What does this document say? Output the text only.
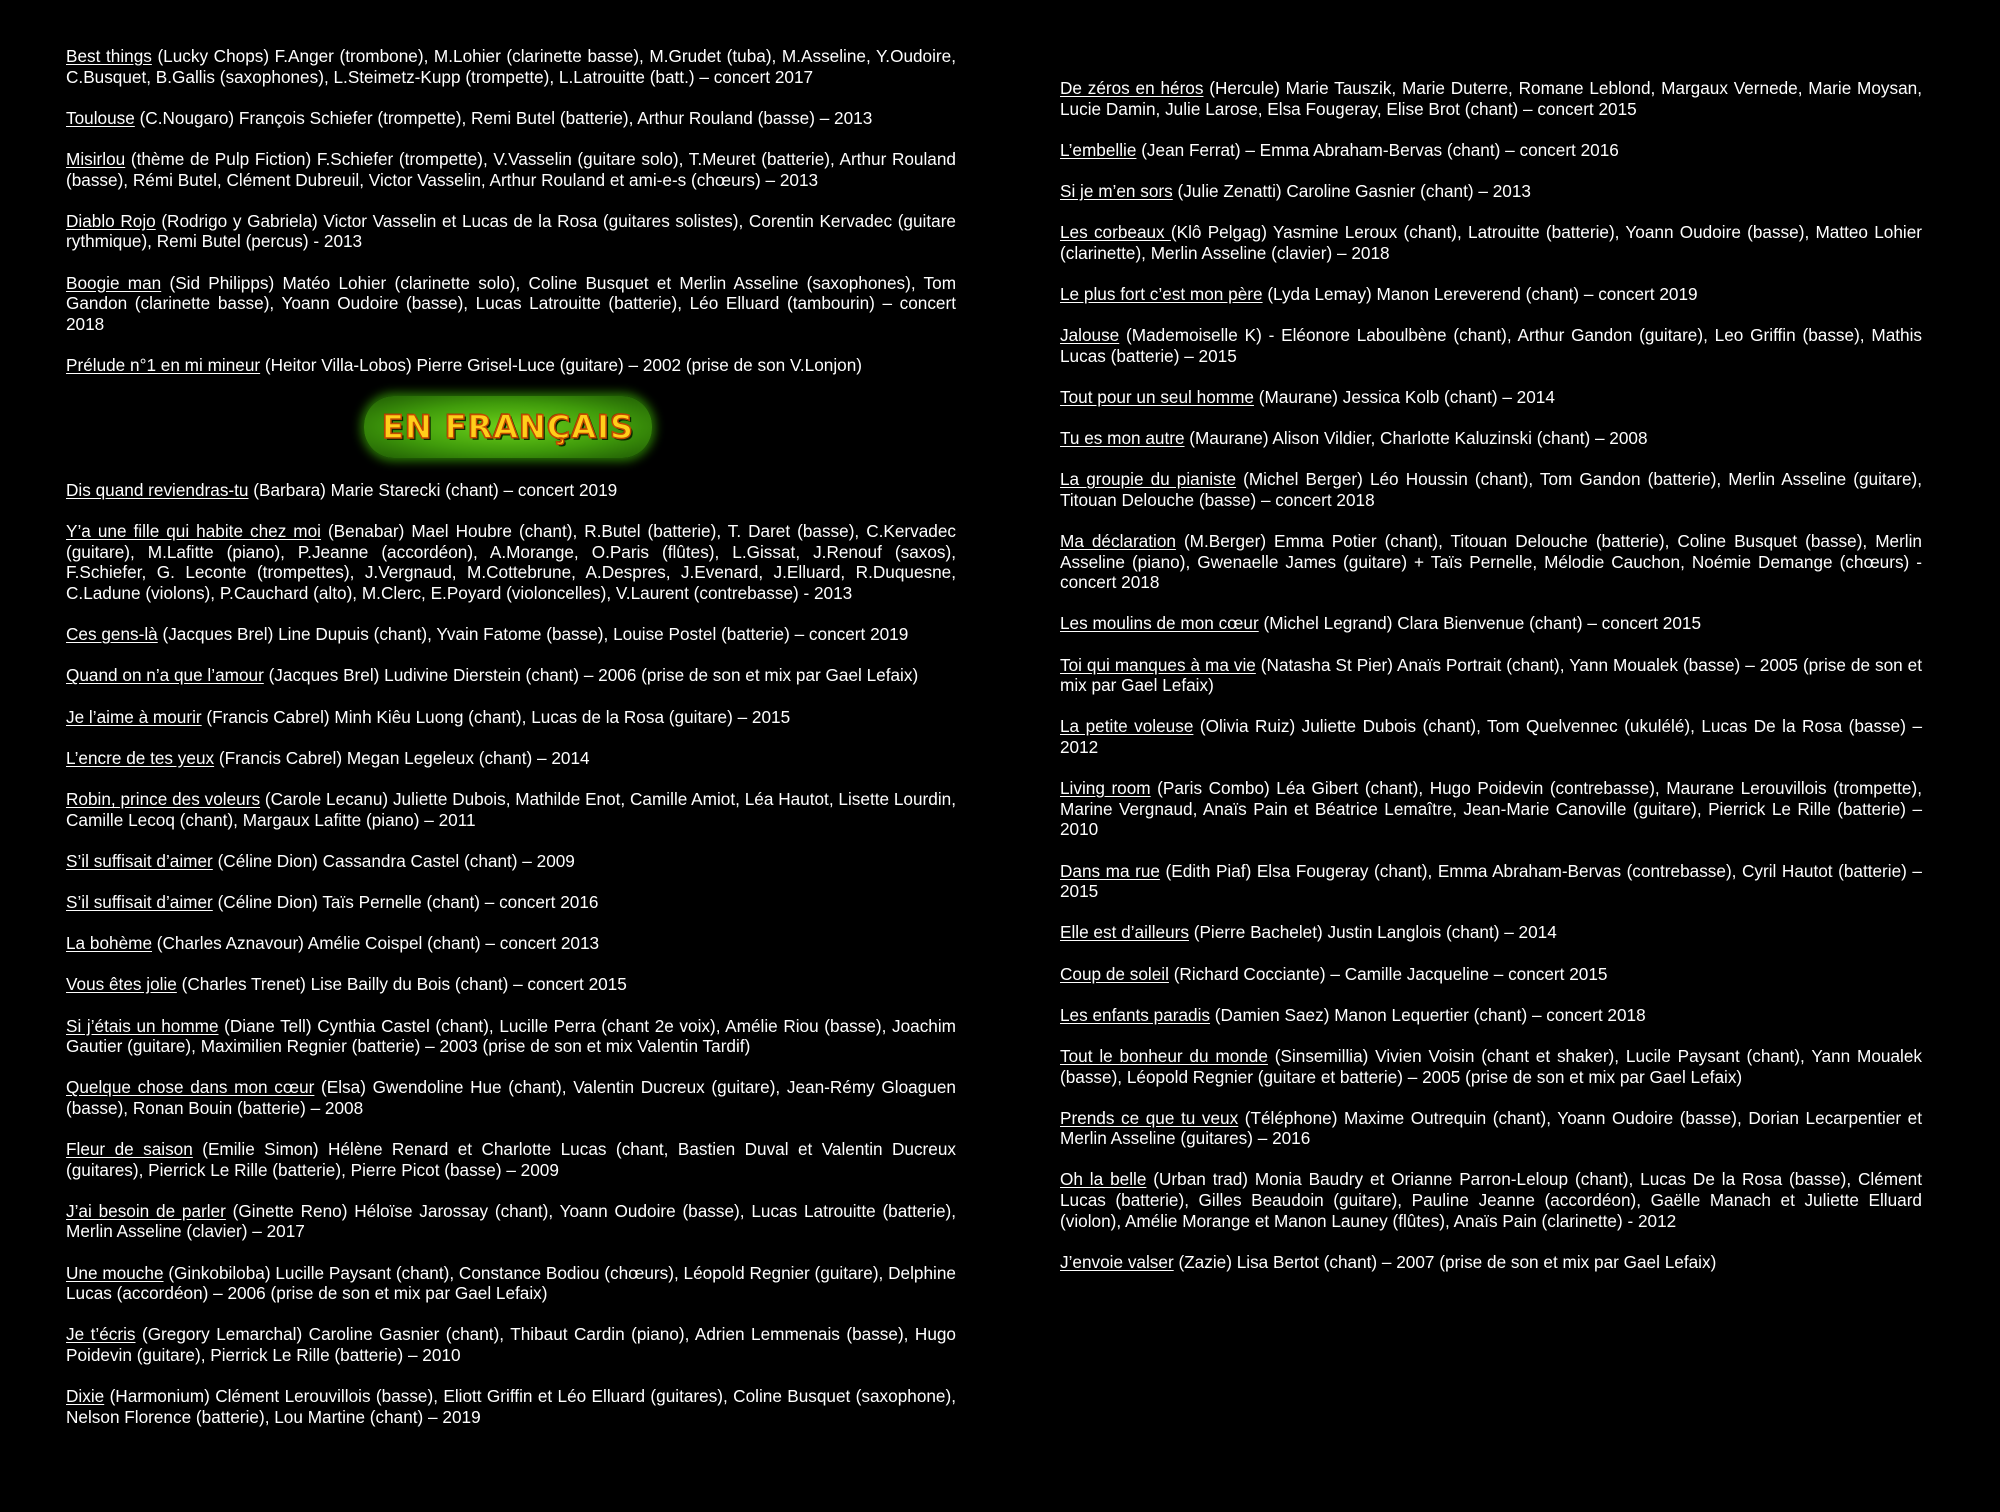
Best things (Lucky Chops) F.Anger (trombone), M.Lohier (clarinette basse), M.Grudet (tuba), M.Asseline, Y.Oudoire, C.Busquet, B.Gallis (saxophones), L.Steimetz-Kupp (trompette), L.Latrouitte (batt.) – concert 2017

Toulouse (C.Nougaro) François Schiefer (trompette), Remi Butel (batterie), Arthur Rouland (basse) – 2013

Misirlou (thème de Pulp Fiction) F.Schiefer (trompette), V.Vasselin (guitare solo), T.Meuret (batterie), Arthur Rouland (basse), Rémi Butel, Clément Dubreuil, Victor Vasselin, Arthur Rouland et ami-e-s (chœurs) – 2013

Diablo Rojo (Rodrigo y Gabriela) Victor Vasselin et Lucas de la Rosa (guitares solistes), Corentin Kervadec (guitare rythmique), Remi Butel (percus) - 2013

Boogie man (Sid Philipps) Matéo Lohier (clarinette solo), Coline Busquet et Merlin Asseline (saxophones), Tom Gandon (clarinette basse), Yoann Oudoire (basse), Lucas Latrouitte (batterie), Léo Elluard (tambourin) – concert 2018

Prélude n°1 en mi mineur (Heitor Villa-Lobos) Pierre Grisel-Luce (guitare) – 2002 (prise de son V.Lonjon)

EN FRANÇAIS

Dis quand reviendras-tu (Barbara) Marie Starecki (chant) – concert 2019

Y’a une fille qui habite chez moi (Benabar) Mael Houbre (chant), R.Butel (batterie), T. Daret (basse), C.Kervadec (guitare), M.Lafitte (piano), P.Jeanne (accordéon), A.Morange, O.Paris (flûtes), L.Gissat, J.Renouf (saxos), F.Schiefer, G. Leconte (trompettes), J.Vergnaud, M.Cottebrune, A.Despres, J.Evenard, J.Elluard, R.Duquesne, C.Ladune (violons), P.Cauchard (alto), M.Clerc, E.Poyard (violoncelles), V.Laurent (contrebasse) - 2013

Ces gens-là (Jacques Brel) Line Dupuis (chant), Yvain Fatome (basse), Louise Postel (batterie) – concert 2019

Quand on n’a que l’amour (Jacques Brel) Ludivine Dierstein (chant) – 2006 (prise de son et mix par Gael Lefaix)

Je l’aime à mourir (Francis Cabrel) Minh Kiêu Luong (chant), Lucas de la Rosa (guitare) – 2015

L’encre de tes yeux (Francis Cabrel) Megan Legeleux (chant) – 2014

Robin, prince des voleurs (Carole Lecanu) Juliette Dubois, Mathilde Enot, Camille Amiot, Léa Hautot, Lisette Lourdin, Camille Lecoq (chant), Margaux Lafitte (piano) – 2011

S’il suffisait d’aimer (Céline Dion) Cassandra Castel (chant) – 2009

S’il suffisait d’aimer (Céline Dion) Taïs Pernelle (chant) – concert 2016

La bohème (Charles Aznavour) Amélie Coispel (chant) – concert 2013

Vous êtes jolie (Charles Trenet) Lise Bailly du Bois (chant) – concert 2015

Si j’étais un homme (Diane Tell) Cynthia Castel (chant), Lucille Perra (chant 2e voix), Amélie Riou (basse), Joachim Gautier (guitare), Maximilien Regnier (batterie) – 2003 (prise de son et mix Valentin Tardif)

Quelque chose dans mon cœur (Elsa) Gwendoline Hue (chant), Valentin Ducreux (guitare), Jean-Rémy Gloaguen (basse), Ronan Bouin (batterie) – 2008

Fleur de saison (Emilie Simon) Hélène Renard et Charlotte Lucas (chant, Bastien Duval et Valentin Ducreux (guitares), Pierrick Le Rille (batterie), Pierre Picot (basse) – 2009

J’ai besoin de parler (Ginette Reno) Héloïse Jarossay (chant), Yoann Oudoire (basse), Lucas Latrouitte (batterie), Merlin Asseline (clavier) – 2017

Une mouche (Ginkobiloba) Lucille Paysant (chant), Constance Bodiou (chœurs), Léopold Regnier (guitare), Delphine Lucas (accordéon) – 2006 (prise de son et mix par Gael Lefaix)

Je t’écris (Gregory Lemarchal) Caroline Gasnier (chant), Thibaut Cardin (piano), Adrien Lemmenais (basse), Hugo Poidevin (guitare), Pierrick Le Rille (batterie) – 2010

Dixie (Harmonium) Clément Lerouvillois (basse), Eliott Griffin et Léo Elluard (guitares), Coline Busquet (saxophone), Nelson Florence (batterie), Lou Martine (chant) – 2019

De zéros en héros (Hercule) Marie Tauszik, Marie Duterre, Romane Leblond, Margaux Vernede, Marie Moysan, Lucie Damin, Julie Larose, Elsa Fougeray, Elise Brot (chant) – concert 2015

L’embellie (Jean Ferrat) – Emma Abraham-Bervas (chant) – concert 2016

Si je m’en sors (Julie Zenatti) Caroline Gasnier (chant) – 2013

Les corbeaux (Klô Pelgag) Yasmine Leroux (chant), Latrouitte (batterie), Yoann Oudoire (basse), Matteo Lohier (clarinette), Merlin Asseline (clavier) – 2018

Le plus fort c’est mon père (Lyda Lemay) Manon Lereverend (chant) – concert 2019

Jalouse (Mademoiselle K) - Eléonore Laboulbène (chant), Arthur Gandon (guitare), Leo Griffin (basse), Mathis Lucas (batterie) – 2015

Tout pour un seul homme (Maurane) Jessica Kolb (chant) – 2014

Tu es mon autre (Maurane) Alison Vildier, Charlotte Kaluzinski (chant) – 2008

La groupie du pianiste (Michel Berger) Léo Houssin (chant), Tom Gandon (batterie), Merlin Asseline (guitare), Titouan Delouche (basse) – concert 2018

Ma déclaration (M.Berger) Emma Potier (chant), Titouan Delouche (batterie), Coline Busquet (basse), Merlin Asseline (piano), Gwenaelle James (guitare) + Taïs Pernelle, Mélodie Cauchon, Noémie Demange (chœurs) - concert 2018

Les moulins de mon cœur (Michel Legrand) Clara Bienvenue (chant) – concert 2015

Toi qui manques à ma vie (Natasha St Pier) Anaïs Portrait (chant), Yann Moualek (basse) – 2005 (prise de son et mix par Gael Lefaix)

La petite voleuse (Olivia Ruiz) Juliette Dubois (chant), Tom Quelvennec (ukulélé), Lucas De la Rosa (basse) – 2012

Living room (Paris Combo) Léa Gibert (chant), Hugo Poidevin (contrebasse), Maurane Lerouvillois (trompette), Marine Vergnaud, Anaïs Pain et Béatrice Lemaître, Jean-Marie Canoville (guitare), Pierrick Le Rille (batterie) – 2010

Dans ma rue (Edith Piaf) Elsa Fougeray (chant), Emma Abraham-Bervas (contrebasse), Cyril Hautot (batterie) – 2015

Elle est d’ailleurs (Pierre Bachelet) Justin Langlois (chant) – 2014

Coup de soleil (Richard Cocciante) – Camille Jacqueline – concert 2015

Les enfants paradis (Damien Saez) Manon Lequertier (chant) – concert 2018

Tout le bonheur du monde (Sinsemillia) Vivien Voisin (chant et shaker), Lucile Paysant (chant), Yann Moualek (basse), Léopold Regnier (guitare et batterie) – 2005 (prise de son et mix par Gael Lefaix)

Prends ce que tu veux (Téléphone) Maxime Outrequin (chant), Yoann Oudoire (basse), Dorian Lecarpentier et Merlin Asseline (guitares) – 2016

Oh la belle (Urban trad) Monia Baudry et Orianne Parron-Leloup (chant), Lucas De la Rosa (basse), Clément Lucas (batterie), Gilles Beaudoin (guitare), Pauline Jeanne (accordéon), Gaëlle Manach et Juliette Elluard (violon), Amélie Morange et Manon Launey (flûtes), Anaïs Pain (clarinette) - 2012

J’envoie valser (Zazie) Lisa Bertot (chant) – 2007 (prise de son et mix par Gael Lefaix)
